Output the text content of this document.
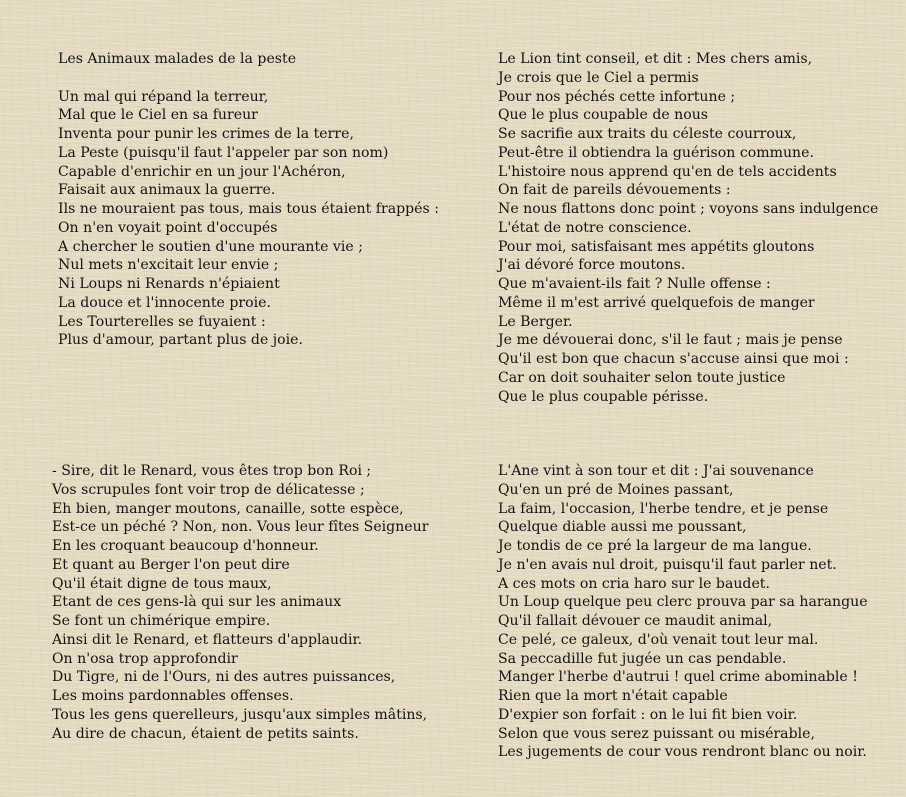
Les Animaux malades de la peste
Un mal qui répand la terreur,
Mal que le Ciel en sa fureur
Inventa pour punir les crimes de la terre,
La Peste (puisqu'il faut l'appeler par son nom)
Capable d'enrichir en un jour l'Achéron,
Faisait aux animaux la guerre.
Ils ne mouraient pas tous, mais tous étaient frappés :
On n'en voyait point d'occupés
A chercher le soutien d'une mourante vie ;
Nul mets n'excitait leur envie ;
Ni Loups ni Renards n'épiaient
La douce et l'innocente proie.
Les Tourterelles se fuyaient :
Plus d'amour, partant plus de joie.
Le Lion tint conseil, et dit : Mes chers amis,
Je crois que le Ciel a permis
Pour nos péchés cette infortune ;
Que le plus coupable de nous
Se sacrifie aux traits du céleste courroux,
Peut-être il obtiendra la guérison commune.
L'histoire nous apprend qu'en de tels accidents
On fait de pareils dévouements :
Ne nous flattons donc point ; voyons sans indulgence
L'état de notre conscience.
Pour moi, satisfaisant mes appétits gloutons
J'ai dévoré force moutons.
Que m'avaient-ils fait ? Nulle offense :
Même il m'est arrivé quelquefois de manger
Le Berger.
Je me dévouerai donc, s'il le faut ; mais je pense
Qu'il est bon que chacun s'accuse ainsi que moi :
Car on doit souhaiter selon toute justice
Que le plus coupable périsse.
- Sire, dit le Renard, vous êtes trop bon Roi ;
Vos scrupules font voir trop de délicatesse ;
Eh bien, manger moutons, canaille, sotte espèce,
Est-ce un péché ? Non, non. Vous leur fîtes Seigneur
En les croquant beaucoup d'honneur.
Et quant au Berger l'on peut dire
Qu'il était digne de tous maux,
Etant de ces gens-là qui sur les animaux
Se font un chimérique empire.
Ainsi dit le Renard, et flatteurs d'applaudir.
On n'osa trop approfondir
Du Tigre, ni de l'Ours, ni des autres puissances,
Les moins pardonnables offenses.
Tous les gens querelleurs, jusqu'aux simples mâtins,
Au dire de chacun, étaient de petits saints.
L'Ane vint à son tour et dit : J'ai souvenance
Qu'en un pré de Moines passant,
La faim, l'occasion, l'herbe tendre, et je pense
Quelque diable aussi me poussant,
Je tondis de ce pré la largeur de ma langue.
Je n'en avais nul droit, puisqu'il faut parler net.
A ces mots on cria haro sur le baudet.
Un Loup quelque peu clerc prouva par sa harangue
Qu'il fallait dévouer ce maudit animal,
Ce pelé, ce galeux, d'où venait tout leur mal.
Sa peccadille fut jugée un cas pendable.
Manger l'herbe d'autrui ! quel crime abominable !
Rien que la mort n'était capable
D'expier son forfait : on le lui fit bien voir.
Selon que vous serez puissant ou misérable,
Les jugements de cour vous rendront blanc ou noir.
